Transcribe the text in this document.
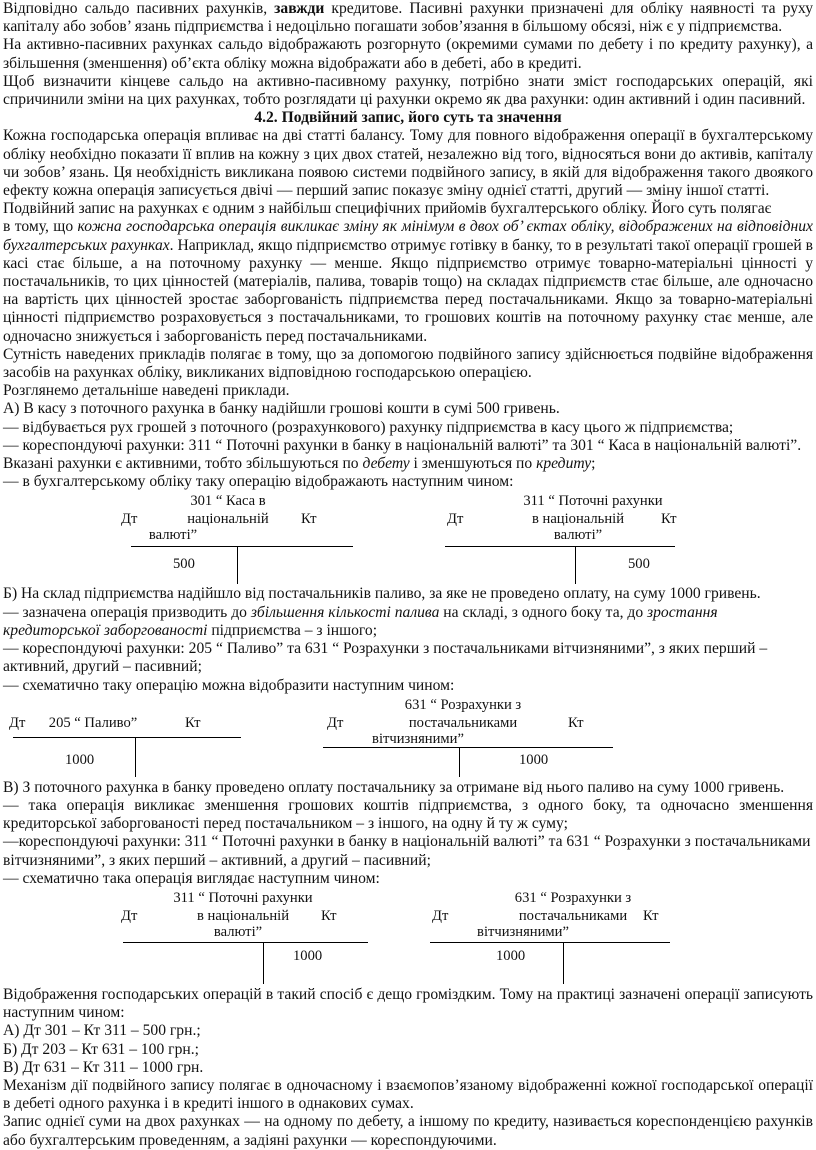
Відповідно сальдо пасивних рахунків, завжди кредитове. Пасивні рахунки призначені для обліку наявності та руху капіталу або зобов’ язань підприємства і недоцільно погашати зобов’язання в більшому обсязі, ніж є у підприємства.

На активно-пасивних рахунках сальдо відображають розгорнуто (окремими сумами по дебету і по кредиту рахунку), а збільшення (зменшення) об’єкта обліку можна відображати або в дебеті, або в кредиті.

Щоб визначити кінцеве сальдо на активно-пасивному рахунку, потрібно знати зміст господарських операцій, які спричинили зміни на цих рахунках, тобто розглядати ці рахунки окремо як два рахунки: один активний і один пасивний.

4.2. Подвійний запис, його суть та значення

Кожна господарська операція впливає на дві статті балансу. Тому для повного відображення операції в бухгалтерському обліку необхідно показати її вплив на кожну з цих двох статей, незалежно від того, відносяться вони до активів, капіталу чи зобов’ язань. Ця необхідність викликана появою системи подвійного запису, в якій для відображення такого двоякого ефекту кожна операція записується двічі — перший запис показує зміну однієї статті, другий — зміну іншої статті.

Подвійний запис на рахунках є одним з найбільш специфічних прийомів бухгалтерського обліку. Його суть полягає

в тому, що кожна господарська операція викликає зміну як мінімум в двох об’ єктах обліку, відображених на відповідних бухгалтерських рахунках. Наприклад, якщо підприємство отримує готівку в банку, то в результаті такої операції грошей в касі стає більше, а на поточному рахунку — менше. Якщо підприємство отримує товарно-матеріальні цінності у постачальників, то цих цінностей (матеріалів, палива, товарів тощо) на складах підприємств стає більше, але одночасно на вартість цих цінностей зростає заборгованість підприємства перед постачальниками. Якщо за товарно-матеріальні цінності підприємство розраховується з постачальниками, то грошових коштів на поточному рахунку стає менше, але одночасно знижується і заборгованість перед постачальниками.

Сутність наведених прикладів полягає в тому, що за допомогою подвійного запису здійснюється подвійне відображення засобів на рахунках обліку, викликаних відповідною господарською операцією.

Розглянемо детальніше наведені приклади.

А) В касу з поточного рахунка в банку надійшли грошові кошти в сумі 500 гривень.

— відбувається рух грошей з поточного (розрахункового) рахунку підприємства в касу цього ж підприємства;

— кореспондуючі рахунки: 311 “ Поточні рахунки в банку в національній валюті” та 301 “ Каса в національній валюті”.

Вказані рахунки є активними, тобто збільшуються по дебету і зменшуються по кредиту;

— в бухгалтерському обліку таку операцію відображають наступним чином:

301 “ Каса в
Дт	національній	Кт
валюті”
500
311 “ Поточні рахунки
Дт	в національній	Кт
валюті”
500

Б) На склад підприємства надійшло від постачальників паливо, за яке не проведено оплату, на суму 1000 гривень.

— зазначена операція призводить до збільшення кількості палива на складі, з одного боку та, до зростання кредиторської заборгованості підприємства – з іншого;

— кореспондуючі рахунки: 205 “ Паливо” та 631 “ Розрахунки з постачальниками вітчизняними”, з яких перший – активний, другий – пасивний;

— схематично таку операцію можна відобразити наступним чином:

Дт	205 “ Паливо”	Кт
1000
631 “ Розрахунки з
Дт	постачальниками	Кт
вітчизняними”
1000

В) З поточного рахунка в банку проведено оплату постачальнику за отримане від нього паливо на суму 1000 гривень.

— така операція викликає зменшення грошових коштів підприємства, з одного боку, та одночасно зменшення кредиторської заборгованості перед постачальником – з іншого, на одну й ту ж суму;

—кореспондуючі рахунки: 311 “ Поточні рахунки в банку в національній валюті” та 631 “ Розрахунки з постачальниками вітчизняними”, з яких перший – активний, а другий – пасивний;

— схематично така операція виглядає наступним чином:

311 “ Поточні рахунки
Дт	в національній	Кт
валюті”
1000
631 “ Розрахунки з
Дт	постачальниками	Кт
вітчизняними”
1000

Відображення господарських операцій в такий спосіб є дещо громіздким. Тому на практиці зазначені операції записують наступним чином:

А) Дт 301 – Кт 311 – 500 грн.;

Б) Дт 203 – Кт 631 – 100 грн.;

В) Дт 631 – Кт 311 – 1000 грн.

Механізм дії подвійного запису полягає в одночасному і взаємопов’язаному відображенні кожної господарської операції в дебеті одного рахунка і в кредиті іншого в однакових сумах.

Запис однієї суми на двох рахунках — на одному по дебету, а іншому по кредиту, називається кореспонденцією рахунків або бухгалтерським проведенням, а задіяні рахунки — кореспондуючими.
